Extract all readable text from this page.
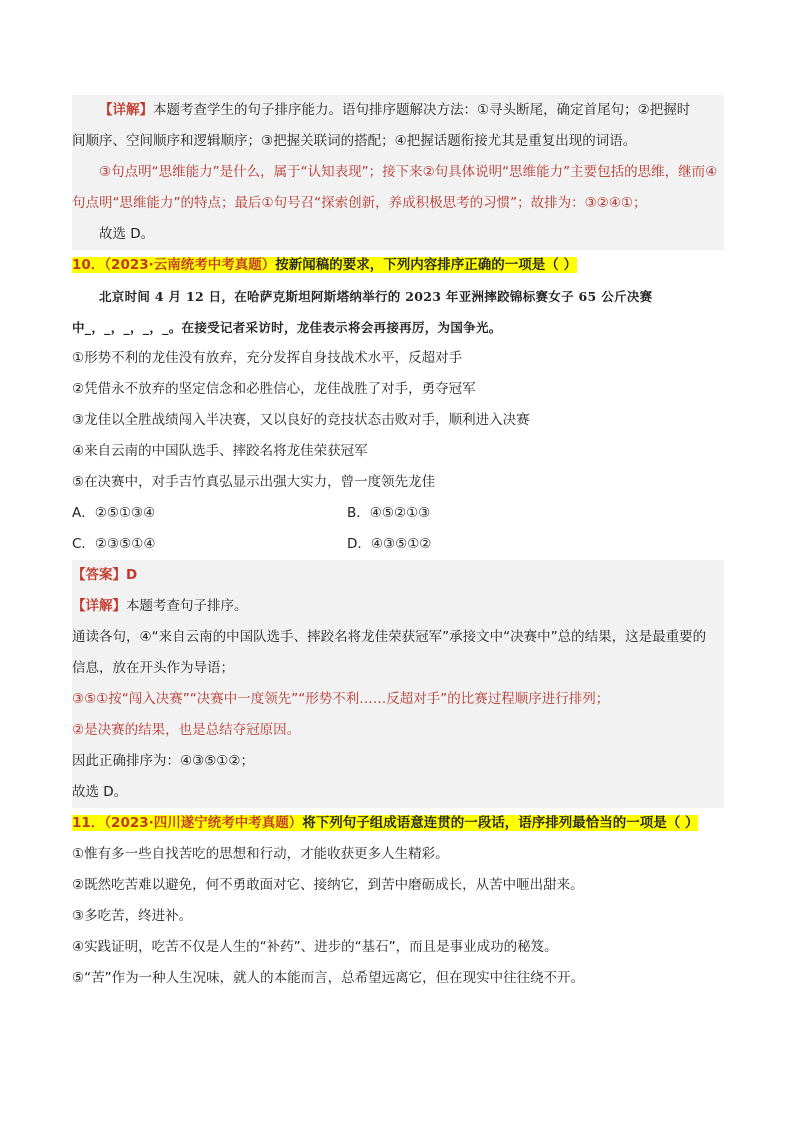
【详解】本题考查学生的句子排序能力。语句排序题解决方法：①寻头断尾，确定首尾句；②把握时
间顺序、空间顺序和逻辑顺序；③把握关联词的搭配；④把握话题衔接尤其是重复出现的词语。
③句点明“思维能力”是什么，属于“认知表现”；接下来②句具体说明“思维能力”主要包括的思维，继而④
句点明“思维能力”的特点；最后①句号召“探索创新，养成积极思考的习惯”；故排为：③②④①；
故选 D。
10．（2023·云南统考中考真题）按新闻稿的要求，下列内容排序正确的一项是（ ）
北京时间 4 月 12 日，在哈萨克斯坦阿斯塔纳举行的 2023 年亚洲摔跤锦标赛女子 65 公斤决赛
中_，_，_，_，_。在接受记者采访时，龙佳表示将会再接再厉，为国争光。
①形势不利的龙佳没有放弃，充分发挥自身技战术水平，反超对手
②凭借永不放弃的坚定信念和必胜信心，龙佳战胜了对手，勇夺冠军
③龙佳以全胜战绩闯入半决赛，又以良好的竞技状态击败对手，顺利进入决赛
④来自云南的中国队选手、摔跤名将龙佳荣获冠军
⑤在决赛中，对手吉竹真弘显示出强大实力，曾一度领先龙佳
A．②⑤①③④	B．④⑤②①③
C．②③⑤①④	D．④③⑤①②
【答案】D
【详解】本题考查句子排序。
通读各句，④“来自云南的中国队选手、摔跤名将龙佳荣获冠军”承接文中“决赛中”总的结果，这是最重要的
信息，放在开头作为导语；
③⑤①按“闯入决赛”“决赛中一度领先”“形势不利……反超对手”的比赛过程顺序进行排列；
②是决赛的结果，也是总结夺冠原因。
因此正确排序为：④③⑤①②；
故选 D。
11．（2023·四川遂宁统考中考真题）将下列句子组成语意连贯的一段话，语序排列最恰当的一项是（ ）
①惟有多一些自找苦吃的思想和行动，才能收获更多人生精彩。
②既然吃苦难以避免，何不勇敢面对它、接纳它，到苦中磨砺成长，从苦中咂出甜来。
③多吃苦，终进补。
④实践证明，吃苦不仅是人生的“补药”、进步的“基石”，而且是事业成功的秘笈。
⑤“苦”作为一种人生况味，就人的本能而言，总希望远离它，但在现实中往往绕不开。
